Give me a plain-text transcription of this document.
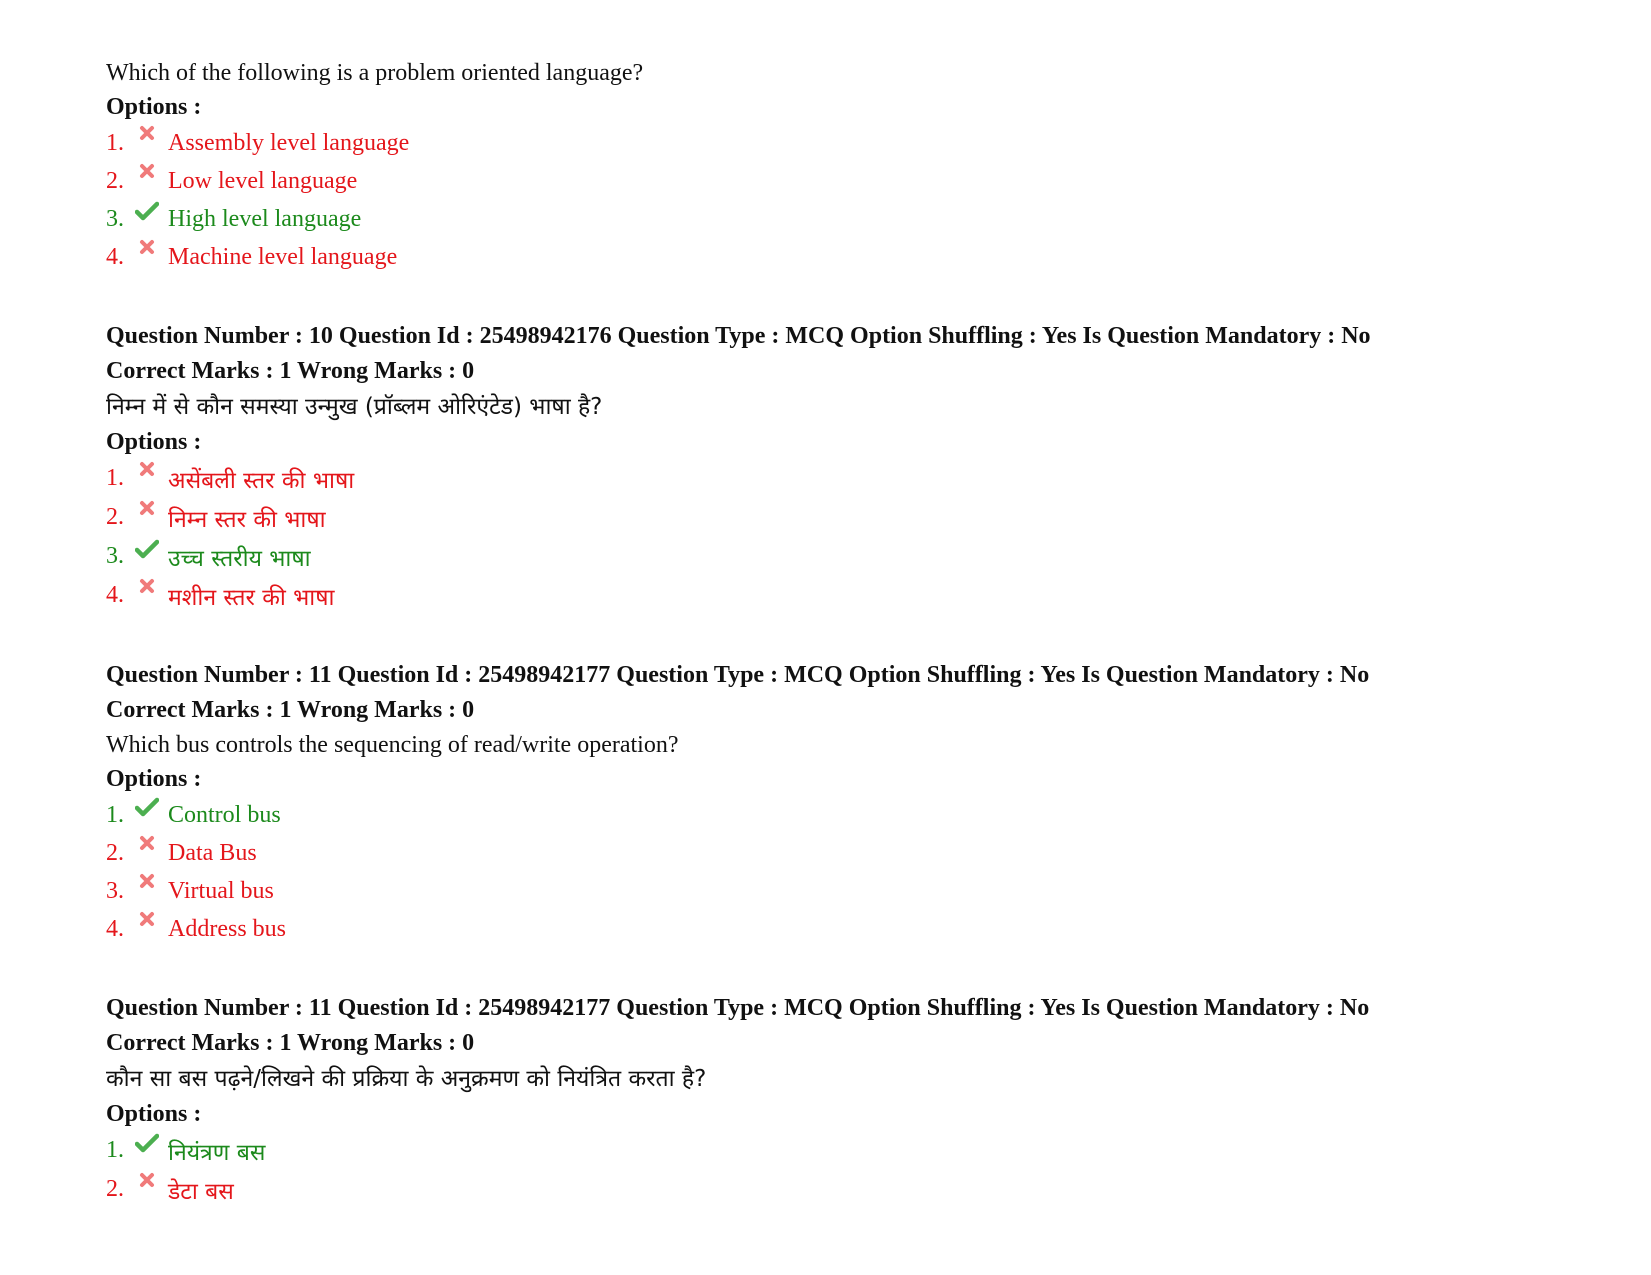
Which of the following is a problem oriented language?
Options :
1.	Assembly level language
2.	Low level language
3.	High level language
4.	Machine level language
Question Number : 10 Question Id : 25498942176 Question Type : MCQ Option Shuffling : Yes Is Question Mandatory : No
Correct Marks : 1 Wrong Marks : 0
निम्न में से कौन समस्या उन्मुख (प्रॉब्लम ओरिएंटेड) भाषा है?
Options :
1.	असेंबली स्तर की भाषा
2.	निम्न स्तर की भाषा
3.	उच्च स्तरीय भाषा
4.	मशीन स्तर की भाषा
Question Number : 11 Question Id : 25498942177 Question Type : MCQ Option Shuffling : Yes Is Question Mandatory : No
Correct Marks : 1 Wrong Marks : 0
Which bus controls the sequencing of read/write operation?
Options :
1.	Control bus
2.	Data Bus
3.	Virtual bus
4.	Address bus
Question Number : 11 Question Id : 25498942177 Question Type : MCQ Option Shuffling : Yes Is Question Mandatory : No
Correct Marks : 1 Wrong Marks : 0
कौन सा बस पढ़ने/लिखने की प्रक्रिया के अनुक्रमण को नियंत्रित करता है?
Options :
1.	नियंत्रण बस
2.	डेटा बस
